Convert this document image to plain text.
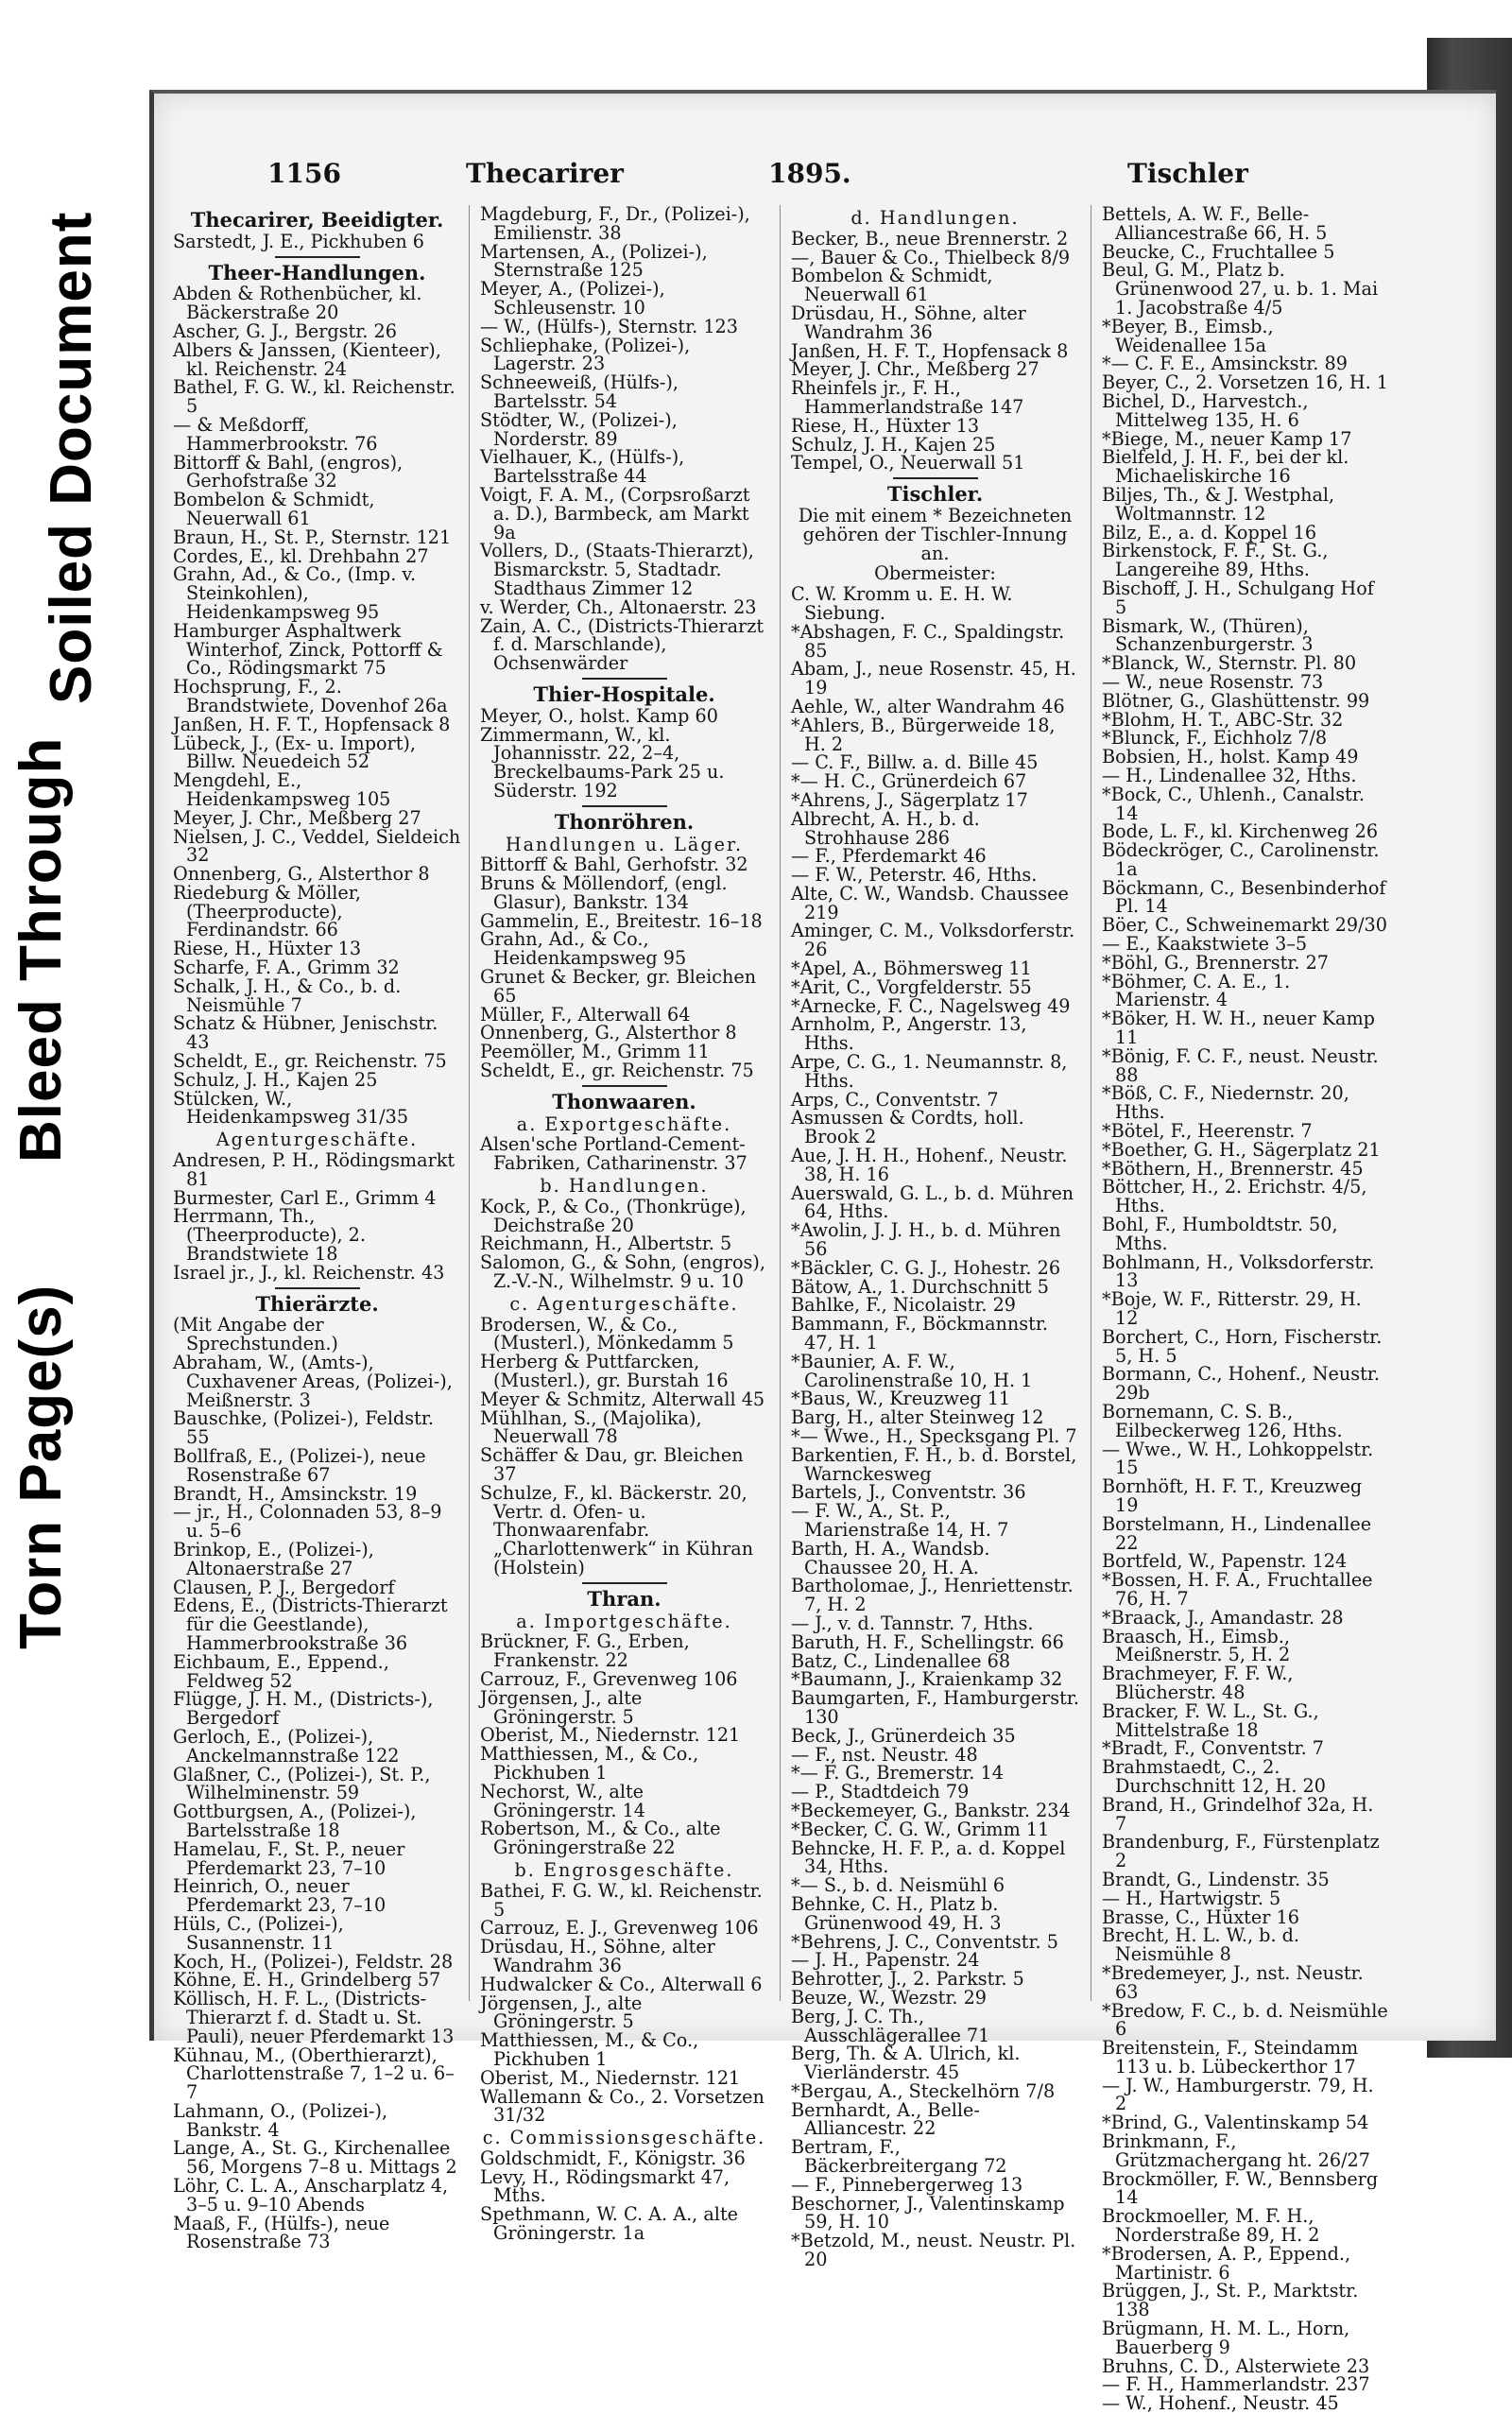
Torn Page(s)
Bleed Through
Soiled Document
1156	Thecarirer	1895.	Tischler
Thecarirer, Beeidigter.
Sarstedt, J. E., Pickhuben 6
Theer-Handlungen.
Abden & Rothenbücher, kl. Bäckerstraße 20
Ascher, G. J., Bergstr. 26
Albers & Janssen, (Kienteer), kl. Reichenstr. 24
Bathel, F. G. W., kl. Reichenstr. 5
— & Meßdorff, Hammerbrookstr. 76
Bittorff & Bahl, (engros), Gerhofstraße 32
Bombelon & Schmidt, Neuerwall 61
Braun, H., St. P., Sternstr. 121
Cordes, E., kl. Drehbahn 27
Grahn, Ad., & Co., (Imp. v. Steinkohlen), Heidenkampsweg 95
Hamburger Asphaltwerk Winterhof, Zinck, Pottorff & Co., Rödingsmarkt 75
Hochsprung, F., 2. Brandstwiete, Dovenhof 26a
Janßen, H. F. T., Hopfensack 8
Lübeck, J., (Ex- u. Import), Billw. Neuedeich 52
Mengdehl, E., Heidenkampsweg 105
Meyer, J. Chr., Meßberg 27
Nielsen, J. C., Veddel, Sieldeich 32
Onnenberg, G., Alsterthor 8
Riedeburg & Möller, (Theerproducte), Ferdinandstr. 66
Riese, H., Hüxter 13
Scharfe, F. A., Grimm 32
Schalk, J. H., & Co., b. d. Neismühle 7
Schatz & Hübner, Jenischstr. 43
Scheldt, E., gr. Reichenstr. 75
Schulz, J. H., Kajen 25
Stülcken, W., Heidenkampsweg 31/35
Agenturgeschäfte.
Andresen, P. H., Rödingsmarkt 81
Burmester, Carl E., Grimm 4
Herrmann, Th., (Theerproducte), 2. Brandstwiete 18
Israel jr., J., kl. Reichenstr. 43
Thierärzte.
(Mit Angabe der Sprechstunden.)
Abraham, W., (Amts-), Cuxhavener Areas, (Polizei-), Meißnerstr. 3
Bauschke, (Polizei-), Feldstr. 55
Bollfraß, E., (Polizei-), neue Rosenstraße 67
Brandt, H., Amsinckstr. 19
— jr., H., Colonnaden 53, 8–9 u. 5–6
Brinkop, E., (Polizei-), Altonaerstraße 27
Clausen, P. J., Bergedorf
Edens, E., (Districts-Thierarzt für die Geestlande), Hammerbrookstraße 36
Eichbaum, E., Eppend., Feldweg 52
Flügge, J. H. M., (Districts-), Bergedorf
Gerloch, E., (Polizei-), Anckelmannstraße 122
Glaßner, C., (Polizei-), St. P., Wilhelminenstr. 59
Gottburgsen, A., (Polizei-), Bartelsstraße 18
Hamelau, F., St. P., neuer Pferdemarkt 23, 7–10
Heinrich, O., neuer Pferdemarkt 23, 7–10
Hüls, C., (Polizei-), Susannenstr. 11
Koch, H., (Polizei-), Feldstr. 28
Köhne, E. H., Grindelberg 57
Köllisch, H. F. L., (Districts-Thierarzt f. d. Stadt u. St. Pauli), neuer Pferdemarkt 13
Kühnau, M., (Oberthierarzt), Charlottenstraße 7, 1–2 u. 6–7
Lahmann, O., (Polizei-), Bankstr. 4
Lange, A., St. G., Kirchenallee 56, Morgens 7–8 u. Mittags 2
Löhr, C. L. A., Anscharplatz 4, 3–5 u. 9–10 Abends
Maaß, F., (Hülfs-), neue Rosenstraße 73
Magdeburg, F., Dr., (Polizei-), Emilienstr. 38
Martensen, A., (Polizei-), Sternstraße 125
Meyer, A., (Polizei-), Schleusenstr. 10
— W., (Hülfs-), Sternstr. 123
Schliephake, (Polizei-), Lagerstr. 23
Schneeweiß, (Hülfs-), Bartelsstr. 54
Stödter, W., (Polizei-), Norderstr. 89
Vielhauer, K., (Hülfs-), Bartelsstraße 44
Voigt, F. A. M., (Corpsroßarzt a. D.), Barmbeck, am Markt 9a
Vollers, D., (Staats-Thierarzt), Bismarckstr. 5, Stadtadr. Stadthaus Zimmer 12
v. Werder, Ch., Altonaerstr. 23
Zain, A. C., (Districts-Thierarzt f. d. Marschlande), Ochsenwärder
Thier-Hospitale.
Meyer, O., holst. Kamp 60
Zimmermann, W., kl. Johannisstr. 22, 2–4, Breckelbaums-Park 25 u. Süderstr. 192
Thonröhren.
Handlungen u. Läger.
Bittorff & Bahl, Gerhofstr. 32
Bruns & Möllendorf, (engl. Glasur), Bankstr. 134
Gammelin, E., Breitestr. 16–18
Grahn, Ad., & Co., Heidenkampsweg 95
Grunet & Becker, gr. Bleichen 65
Müller, F., Alterwall 64
Onnenberg, G., Alsterthor 8
Peemöller, M., Grimm 11
Scheldt, E., gr. Reichenstr. 75
Thonwaaren.
a. Exportgeschäfte.
Alsen'sche Portland-Cement-Fabriken, Catharinenstr. 37
b. Handlungen.
Kock, P., & Co., (Thonkrüge), Deichstraße 20
Reichmann, H., Albertstr. 5
Salomon, G., & Sohn, (engros), Z.-V.-N., Wilhelmstr. 9 u. 10
c. Agenturgeschäfte.
Brodersen, W., & Co., (Musterl.), Mönkedamm 5
Herberg & Puttfarcken, (Musterl.), gr. Burstah 16
Meyer & Schmitz, Alterwall 45
Mühlhan, S., (Majolika), Neuerwall 78
Schäffer & Dau, gr. Bleichen 37
Schulze, F., kl. Bäckerstr. 20, Vertr. d. Ofen- u. Thonwaarenfabr. „Charlottenwerk“ in Kühran (Holstein)
Thran.
a. Importgeschäfte.
Brückner, F. G., Erben, Frankenstr. 22
Carrouz, F., Grevenweg 106
Jörgensen, J., alte Gröningerstr. 5
Oberist, M., Niedernstr. 121
Matthiessen, M., & Co., Pickhuben 1
Nechorst, W., alte Gröningerstr. 14
Robertson, M., & Co., alte Gröningerstraße 22
b. Engrosgeschäfte.
Bathei, F. G. W., kl. Reichenstr. 5
Carrouz, E. J., Grevenweg 106
Drüsdau, H., Söhne, alter Wandrahm 36
Hudwalcker & Co., Alterwall 6
Jörgensen, J., alte Gröningerstr. 5
Matthiessen, M., & Co., Pickhuben 1
Oberist, M., Niedernstr. 121
Wallemann & Co., 2. Vorsetzen 31/32
c. Commissionsgeschäfte.
Goldschmidt, F., Königstr. 36
Levy, H., Rödingsmarkt 47, Mths.
Spethmann, W. C. A. A., alte Gröningerstr. 1a
d. Handlungen.
Becker, B., neue Brennerstr. 2
—, Bauer & Co., Thielbeck 8/9
Bombelon & Schmidt, Neuerwall 61
Drüsdau, H., Söhne, alter Wandrahm 36
Janßen, H. F. T., Hopfensack 8
Meyer, J. Chr., Meßberg 27
Rheinfels jr., F. H., Hammerlandstraße 147
Riese, H., Hüxter 13
Schulz, J. H., Kajen 25
Tempel, O., Neuerwall 51
Tischler.
Die mit einem * Bezeichneten gehören der Tischler-Innung an.
Obermeister:
C. W. Kromm u. E. H. W. Siebung.
*Abshagen, F. C., Spaldingstr. 85
Abam, J., neue Rosenstr. 45, H. 19
Aehle, W., alter Wandrahm 46
*Ahlers, B., Bürgerweide 18, H. 2
— C. F., Billw. a. d. Bille 45
*— H. C., Grünerdeich 67
*Ahrens, J., Sägerplatz 17
Albrecht, A. H., b. d. Strohhause 286
— F., Pferdemarkt 46
— F. W., Peterstr. 46, Hths.
Alte, C. W., Wandsb. Chaussee 219
Aminger, C. M., Volksdorferstr. 26
*Apel, A., Böhmersweg 11
*Arit, C., Vorgfelderstr. 55
*Arnecke, F. C., Nagelsweg 49
Arnholm, P., Angerstr. 13, Hths.
Arpe, C. G., 1. Neumannstr. 8, Hths.
Arps, C., Conventstr. 7
Asmussen & Cordts, holl. Brook 2
Aue, J. H. H., Hohenf., Neustr. 38, H. 16
Auerswald, G. L., b. d. Mühren 64, Hths.
*Awolin, J. J. H., b. d. Mühren 56
*Bäckler, C. G. J., Hohestr. 26
Bätow, A., 1. Durchschnitt 5
Bahlke, F., Nicolaistr. 29
Bammann, F., Böckmannstr. 47, H. 1
*Baunier, A. F. W., Carolinenstraße 10, H. 1
*Baus, W., Kreuzweg 11
Barg, H., alter Steinweg 12
*— Wwe., H., Specksgang Pl. 7
Barkentien, F. H., b. d. Borstel, Warnckesweg
Bartels, J., Conventstr. 36
— F. W., A., St. P., Marienstraße 14, H. 7
Barth, H. A., Wandsb. Chaussee 20, H. A.
Bartholomae, J., Henriettenstr. 7, H. 2
— J., v. d. Tannstr. 7, Hths.
Baruth, H. F., Schellingstr. 66
Batz, C., Lindenallee 68
*Baumann, J., Kraienkamp 32
Baumgarten, F., Hamburgerstr. 130
Beck, J., Grünerdeich 35
— F., nst. Neustr. 48
*— F. G., Bremerstr. 14
— P., Stadtdeich 79
*Beckemeyer, G., Bankstr. 234
*Becker, C. G. W., Grimm 11
Behncke, H. F. P., a. d. Koppel 34, Hths.
*— S., b. d. Neismühl 6
Behnke, C. H., Platz b. Grünenwood 49, H. 3
*Behrens, J. C., Conventstr. 5
— J. H., Papenstr. 24
Behrotter, J., 2. Parkstr. 5
Beuze, W., Wezstr. 29
Berg, J. C. Th., Ausschlägerallee 71
Berg, Th. & A. Ulrich, kl. Vierländerstr. 45
*Bergau, A., Steckelhörn 7/8
Bernhardt, A., Belle-Alliancestr. 22
Bertram, F., Bäckerbreitergang 72
— F., Pinnebergerweg 13
Beschorner, J., Valentinskamp 59, H. 10
*Betzold, M., neust. Neustr. Pl. 20
Bettels, A. W. F., Belle-Alliancestraße 66, H. 5
Beucke, C., Fruchtallee 5
Beul, G. M., Platz b. Grünenwood 27, u. b. 1. Mai 1. Jacobstraße 4/5
*Beyer, B., Eimsb., Weidenallee 15a
*— C. F. E., Amsinckstr. 89
Beyer, C., 2. Vorsetzen 16, H. 1
Bichel, D., Harvestch., Mittelweg 135, H. 6
*Biege, M., neuer Kamp 17
Bielfeld, J. H. F., bei der kl. Michaeliskirche 16
Biljes, Th., & J. Westphal, Woltmannstr. 12
Bilz, E., a. d. Koppel 16
Birkenstock, F. F., St. G., Langereihe 89, Hths.
Bischoff, J. H., Schulgang Hof 5
Bismark, W., (Thüren), Schanzenburgerstr. 3
*Blanck, W., Sternstr. Pl. 80
— W., neue Rosenstr. 73
Blötner, G., Glashüttenstr. 99
*Blohm, H. T., ABC-Str. 32
*Blunck, F., Eichholz 7/8
Bobsien, H., holst. Kamp 49
— H., Lindenallee 32, Hths.
*Bock, C., Uhlenh., Canalstr. 14
Bode, L. F., kl. Kirchenweg 26
Bödeckröger, C., Carolinenstr. 1a
Böckmann, C., Besenbinderhof Pl. 14
Böer, C., Schweinemarkt 29/30
— E., Kaakstwiete 3–5
*Böhl, G., Brennerstr. 27
*Böhmer, C. A. E., 1. Marienstr. 4
*Böker, H. W. H., neuer Kamp 11
*Bönig, F. C. F., neust. Neustr. 88
*Böß, C. F., Niedernstr. 20, Hths.
*Bötel, F., Heerenstr. 7
*Boether, G. H., Sägerplatz 21
*Böthern, H., Brennerstr. 45
Böttcher, H., 2. Erichstr. 4/5, Hths.
Bohl, F., Humboldtstr. 50, Mths.
Bohlmann, H., Volksdorferstr. 13
*Boje, W. F., Ritterstr. 29, H. 12
Borchert, C., Horn, Fischerstr. 5, H. 5
Bormann, C., Hohenf., Neustr. 29b
Bornemann, C. S. B., Eilbeckerweg 126, Hths.
— Wwe., W. H., Lohkoppelstr. 15
Bornhöft, H. F. T., Kreuzweg 19
Borstelmann, H., Lindenallee 22
Bortfeld, W., Papenstr. 124
*Bossen, H. F. A., Fruchtallee 76, H. 7
*Braack, J., Amandastr. 28
Braasch, H., Eimsb., Meißnerstr. 5, H. 2
Brachmeyer, F. F. W., Blücherstr. 48
Bracker, F. W. L., St. G., Mittelstraße 18
*Bradt, F., Conventstr. 7
Brahmstaedt, C., 2. Durchschnitt 12, H. 20
Brand, H., Grindelhof 32a, H. 7
Brandenburg, F., Fürstenplatz 2
Brandt, G., Lindenstr. 35
— H., Hartwigstr. 5
Brasse, C., Hüxter 16
Brecht, H. L. W., b. d. Neismühle 8
*Bredemeyer, J., nst. Neustr. 63
*Bredow, F. C., b. d. Neismühle 6
Breitenstein, F., Steindamm 113 u. b. Lübeckerthor 17
— J. W., Hamburgerstr. 79, H. 2
*Brind, G., Valentinskamp 54
Brinkmann, F., Grützmachergang ht. 26/27
Brockmöller, F. W., Bennsberg 14
Brockmoeller, M. F. H., Norderstraße 89, H. 2
*Brodersen, A. P., Eppend., Martinistr. 6
Brüggen, J., St. P., Marktstr. 138
Brügmann, H. M. L., Horn, Bauerberg 9
Bruhns, C. D., Alsterwiete 23
— F. H., Hammerlandstr. 237
— W., Hohenf., Neustr. 45
